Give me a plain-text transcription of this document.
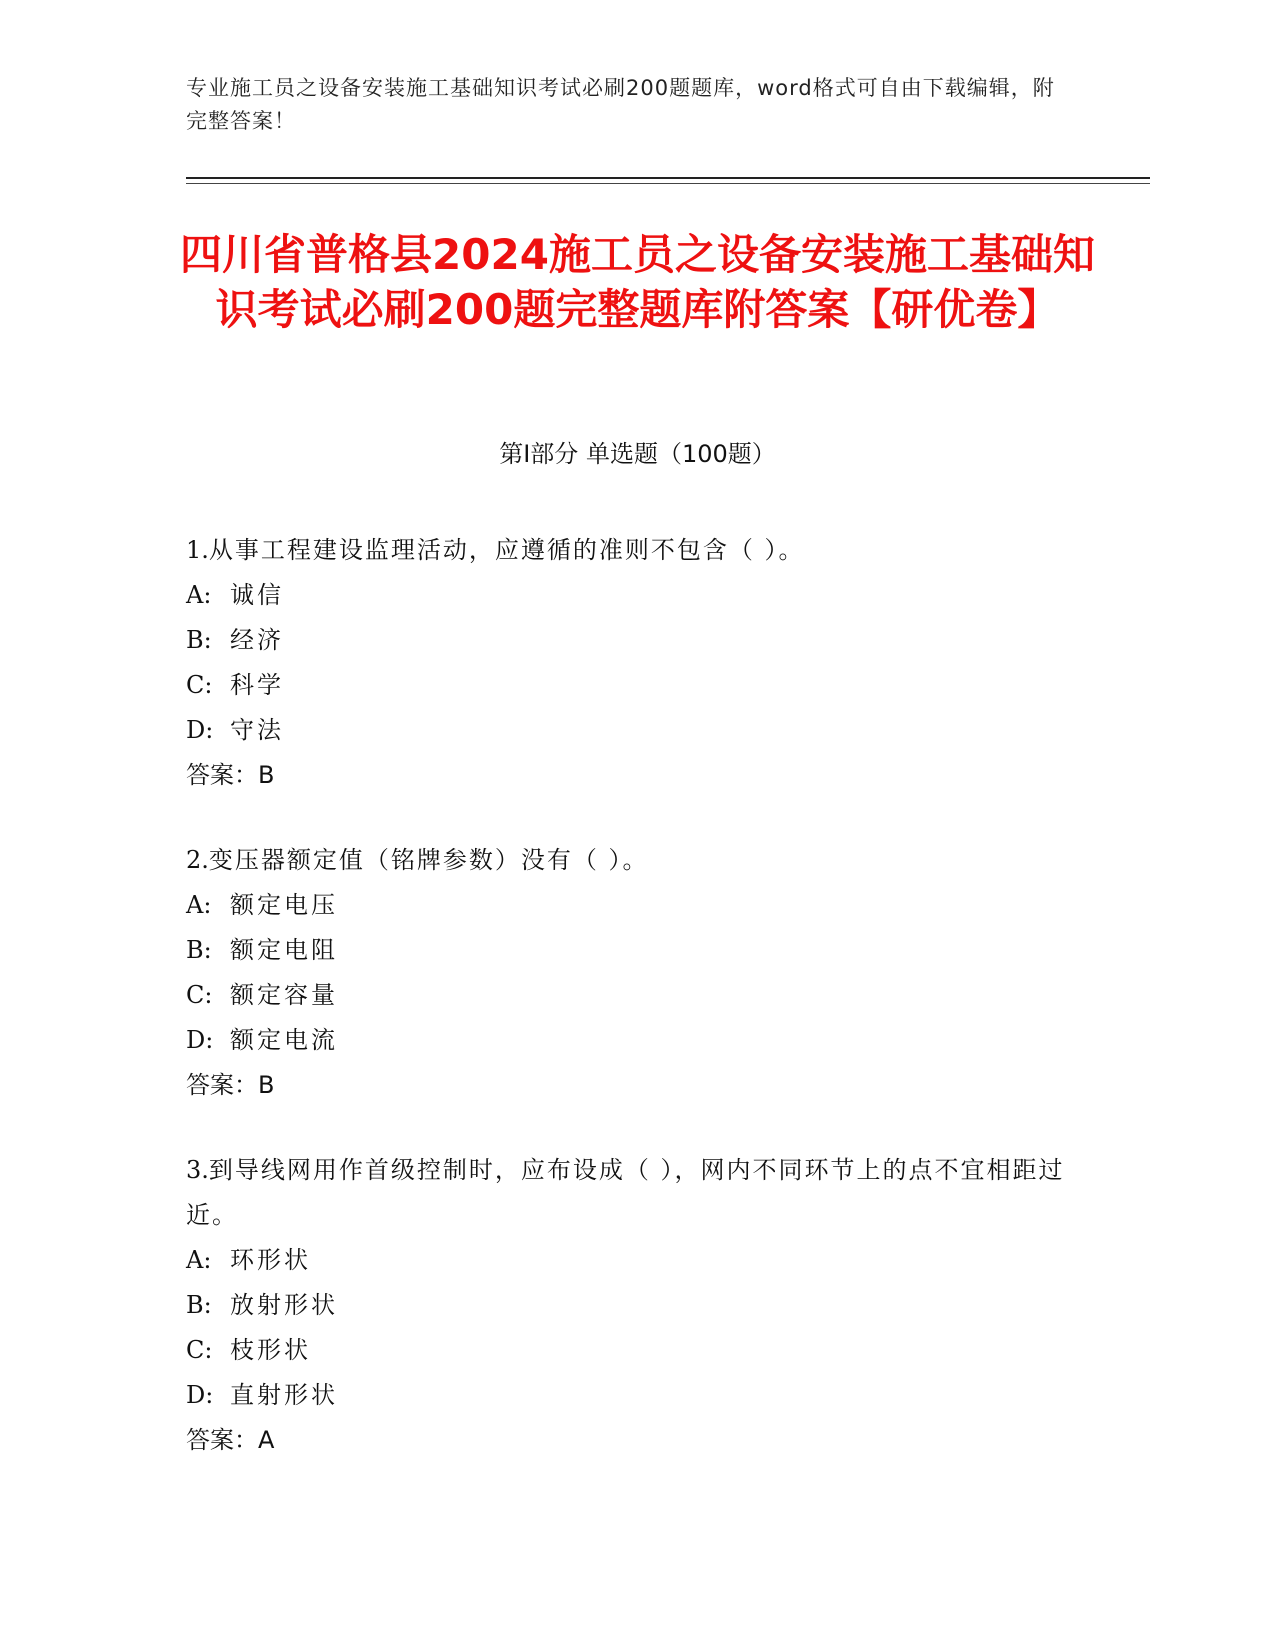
专业施工员之设备安装施工基础知识考试必刷200题题库，word格式可自由下载编辑，附完整答案！
四川省普格县2024施工员之设备安装施工基础知识考试必刷200题完整题库附答案【研优卷】
第I部分 单选题（100题）
1.从事工程建设监理活动，应遵循的准则不包含（ ）。
A: 诚信
B: 经济
C: 科学
D: 守法
答案：B
2.变压器额定值（铭牌参数）没有（ ）。
A: 额定电压
B: 额定电阻
C: 额定容量
D: 额定电流
答案：B
3.到导线网用作首级控制时，应布设成（ ），网内不同环节上的点不宜相距过近。
A: 环形状
B: 放射形状
C: 枝形状
D: 直射形状
答案：A
